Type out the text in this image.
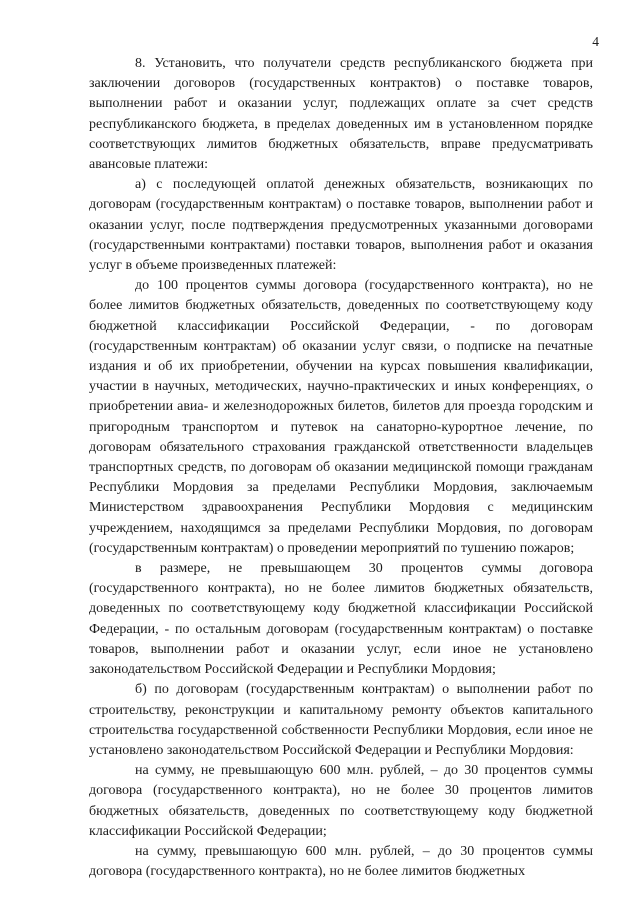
4

8. Установить, что получатели средств республиканского бюджета при заключении договоров (государственных контрактов) о поставке товаров, выполнении работ и оказании услуг, подлежащих оплате за счет средств республиканского бюджета, в пределах доведенных им в установленном порядке соответствующих лимитов бюджетных обязательств, вправе предусматривать авансовые платежи:

а) с последующей оплатой денежных обязательств, возникающих по договорам (государственным контрактам) о поставке товаров, выполнении работ и оказании услуг, после подтверждения предусмотренных указанными договорами (государственными контрактами) поставки товаров, выполнения работ и оказания услуг в объеме произведенных платежей:

до 100 процентов суммы договора (государственного контракта), но не более лимитов бюджетных обязательств, доведенных по соответствующему коду бюджетной классификации Российской Федерации, - по договорам (государственным контрактам) об оказании услуг связи, о подписке на печатные издания и об их приобретении, обучении на курсах повышения квалификации, участии в научных, методических, научно-практических и иных конференциях, о приобретении авиа- и железнодорожных билетов, билетов для проезда городским и пригородным транспортом и путевок на санаторно-курортное лечение, по договорам обязательного страхования гражданской ответственности владельцев транспортных средств, по договорам об оказании медицинской помощи гражданам Республики Мордовия за пределами Республики Мордовия, заключаемым Министерством здравоохранения Республики Мордовия с медицинским учреждением, находящимся за пределами Республики Мордовия, по договорам (государственным контрактам) о проведении мероприятий по тушению пожаров;

в размере, не превышающем 30 процентов суммы договора (государственного контракта), но не более лимитов бюджетных обязательств, доведенных по соответствующему коду бюджетной классификации Российской Федерации, - по остальным договорам (государственным контрактам) о поставке товаров, выполнении работ и оказании услуг, если иное не установлено законодательством Российской Федерации и Республики Мордовия;

б) по договорам (государственным контрактам) о выполнении работ по строительству, реконструкции и капитальному ремонту объектов капитального строительства государственной собственности Республики Мордовия, если иное не установлено законодательством Российской Федерации и Республики Мордовия:

на сумму, не превышающую 600 млн. рублей, – до 30 процентов суммы договора (государственного контракта), но не более 30 процентов лимитов бюджетных обязательств, доведенных по соответствующему коду бюджетной классификации Российской Федерации;

на сумму, превышающую 600 млн. рублей, – до 30 процентов суммы договора (государственного контракта), но не более лимитов бюджетных
